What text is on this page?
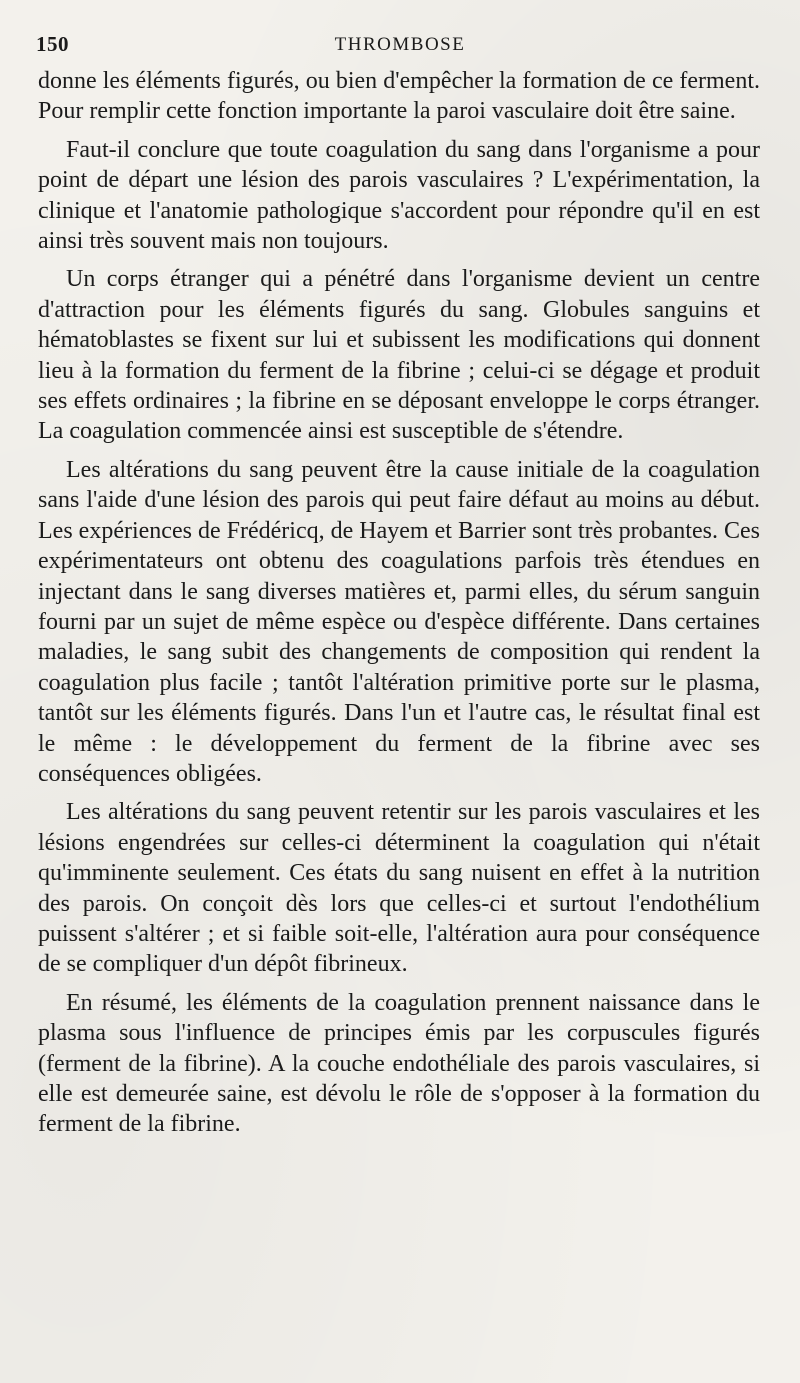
150	THROMBOSE

donne les éléments figurés, ou bien d'empêcher la formation de ce ferment. Pour remplir cette fonction importante la paroi vasculaire doit être saine.

Faut-il conclure que toute coagulation du sang dans l'organisme a pour point de départ une lésion des parois vasculaires ? L'expérimentation, la clinique et l'anatomie pathologique s'accordent pour répondre qu'il en est ainsi très souvent mais non toujours.

Un corps étranger qui a pénétré dans l'organisme devient un centre d'attraction pour les éléments figurés du sang. Globules sanguins et hématoblastes se fixent sur lui et subissent les modifications qui donnent lieu à la formation du ferment de la fibrine ; celui-ci se dégage et produit ses effets ordinaires ; la fibrine en se déposant enveloppe le corps étranger. La coagulation commencée ainsi est susceptible de s'étendre.

Les altérations du sang peuvent être la cause initiale de la coagulation sans l'aide d'une lésion des parois qui peut faire défaut au moins au début. Les expériences de Frédéricq, de Hayem et Barrier sont très probantes. Ces expérimentateurs ont obtenu des coagulations parfois très étendues en injectant dans le sang diverses matières et, parmi elles, du sérum sanguin fourni par un sujet de même espèce ou d'espèce différente. Dans certaines maladies, le sang subit des changements de composition qui rendent la coagulation plus facile ; tantôt l'altération primitive porte sur le plasma, tantôt sur les éléments figurés. Dans l'un et l'autre cas, le résultat final est le même : le développement du ferment de la fibrine avec ses conséquences obligées.

Les altérations du sang peuvent retentir sur les parois vasculaires et les lésions engendrées sur celles-ci déterminent la coagulation qui n'était qu'imminente seulement. Ces états du sang nuisent en effet à la nutrition des parois. On conçoit dès lors que celles-ci et surtout l'endothélium puissent s'altérer ; et si faible soit-elle, l'altération aura pour conséquence de se compliquer d'un dépôt fibrineux.

En résumé, les éléments de la coagulation prennent naissance dans le plasma sous l'influence de principes émis par les corpuscules figurés (ferment de la fibrine). A la couche endothéliale des parois vasculaires, si elle est demeurée saine, est dévolu le rôle de s'opposer à la formation du ferment de la fibrine.
